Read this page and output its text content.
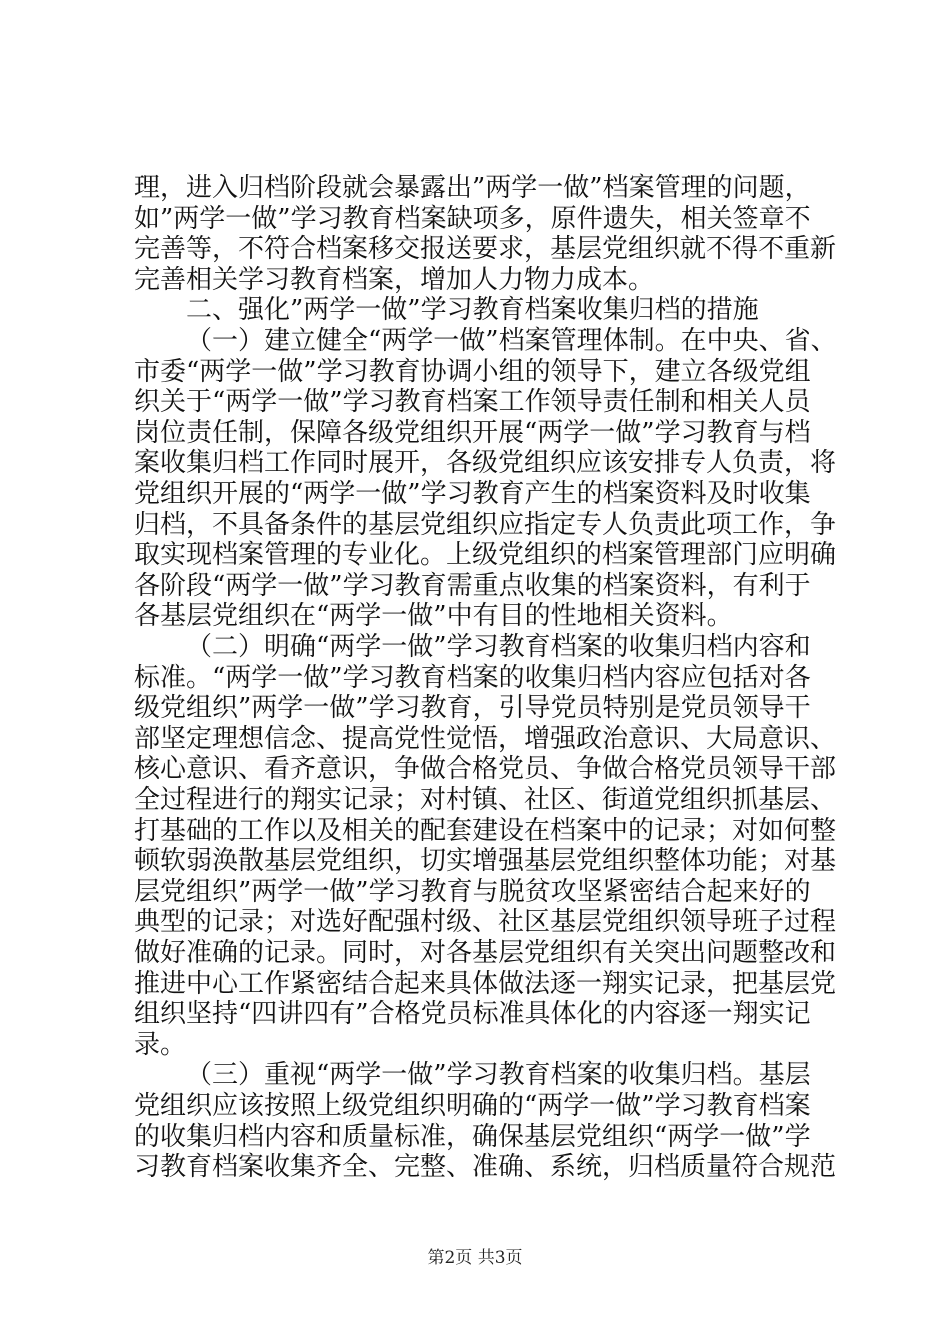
理，进入归档阶段就会暴露出”两学一做”档案管理的问题，

如”两学一做”学习教育档案缺项多，原件遗失，相关签章不

完善等，不符合档案移交报送要求，基层党组织就不得不重新

完善相关学习教育档案，增加人力物力成本。

二、强化”两学一做”学习教育档案收集归档的措施

（一）建立健全“两学一做”档案管理体制。在中央、省、

市委“两学一做”学习教育协调小组的领导下，建立各级党组

织关于“两学一做”学习教育档案工作领导责任制和相关人员

岗位责任制，保障各级党组织开展“两学一做”学习教育与档

案收集归档工作同时展开，各级党组织应该安排专人负责，将

党组织开展的“两学一做”学习教育产生的档案资料及时收集

归档，不具备条件的基层党组织应指定专人负责此项工作，争

取实现档案管理的专业化。上级党组织的档案管理部门应明确

各阶段“两学一做”学习教育需重点收集的档案资料，有利于

各基层党组织在“两学一做”中有目的性地相关资料。

（二）明确“两学一做”学习教育档案的收集归档内容和

标准。“两学一做”学习教育档案的收集归档内容应包括对各

级党组织”两学一做”学习教育，引导党员特别是党员领导干

部坚定理想信念、提高党性觉悟，增强政治意识、大局意识、

核心意识、看齐意识，争做合格党员、争做合格党员领导干部

全过程进行的翔实记录；对村镇、社区、街道党组织抓基层、

打基础的工作以及相关的配套建设在档案中的记录；对如何整

顿软弱涣散基层党组织，切实增强基层党组织整体功能；对基

层党组织”两学一做”学习教育与脱贫攻坚紧密结合起来好的

典型的记录；对选好配强村级、社区基层党组织领导班子过程

做好准确的记录。同时，对各基层党组织有关突出问题整改和

推进中心工作紧密结合起来具体做法逐一翔实记录，把基层党

组织坚持“四讲四有”合格党员标准具体化的内容逐一翔实记

录。

（三）重视“两学一做”学习教育档案的收集归档。基层

党组织应该按照上级党组织明确的“两学一做”学习教育档案

的收集归档内容和质量标准，确保基层党组织“两学一做”学

习教育档案收集齐全、完整、准确、系统，归档质量符合规范

第2页 共3页
